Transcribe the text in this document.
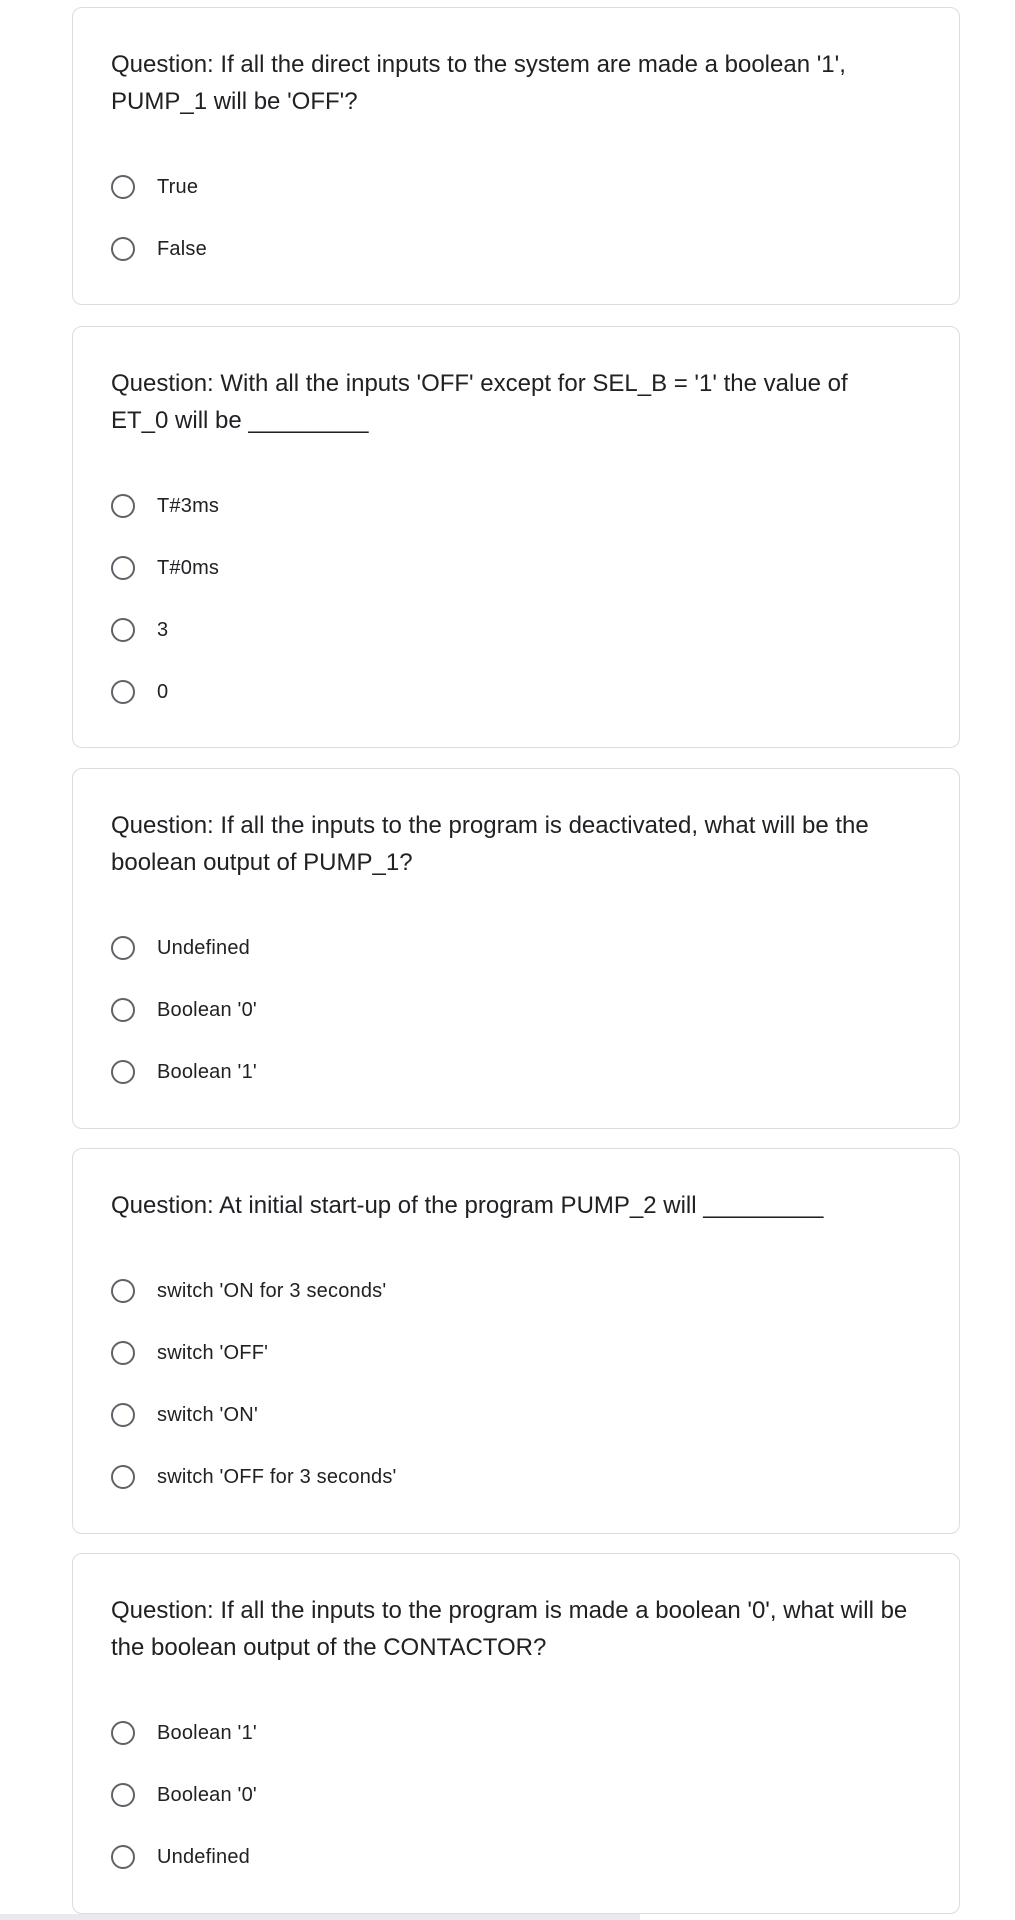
Question: If all the direct inputs to the system are made a boolean '1', PUMP_1 will be 'OFF'?

True
False

Question: With all the inputs 'OFF' except for SEL_B = '1' the value of ET_0 will be _________

T#3ms
T#0ms
3
0

Question: If all the inputs to the program is deactivated, what will be the boolean output of PUMP_1?

Undefined
Boolean '0'
Boolean '1'

Question: At initial start-up of the program PUMP_2 will _________

switch 'ON for 3 seconds'
switch 'OFF'
switch 'ON'
switch 'OFF for 3 seconds'

Question: If all the inputs to the program is made a boolean '0', what will be the boolean output of the CONTACTOR?

Boolean '1'
Boolean '0'
Undefined
